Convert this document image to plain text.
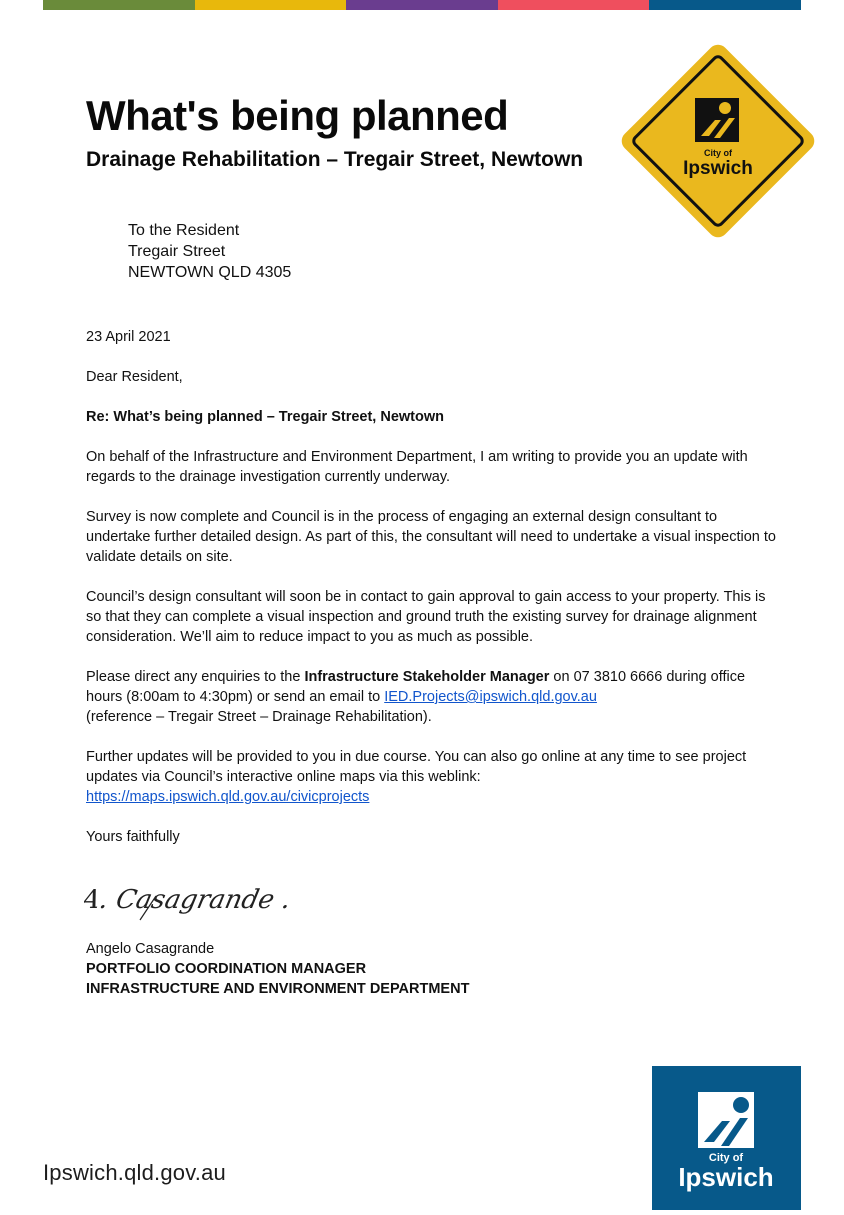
What's being planned
Drainage Rehabilitation – Tregair Street, Newtown	City of
Ipswich
To the Resident
Tregair Street
NEWTOWN QLD 4305

23 April 2021

Dear Resident,

Re: What’s being planned – Tregair Street, Newtown

On behalf of the Infrastructure and Environment Department, I am writing to provide you an update with regards to the drainage investigation currently underway.

Survey is now complete and Council is in the process of engaging an external design consultant to undertake further detailed design. As part of this, the consultant will need to undertake a visual inspection to validate details on site.

Council’s design consultant will soon be in contact to gain approval to gain access to your property. This is so that they can complete a visual inspection and ground truth the existing survey for drainage alignment consideration. We’ll aim to reduce impact to you as much as possible.

Please direct any enquiries to the Infrastructure Stakeholder Manager on 07 3810 6666 during office hours (8:00am to 4:30pm) or send an email to IED.Projects@ipswich.qld.gov.au
(reference – Tregair Street – Drainage Rehabilitation).

Further updates will be provided to you in due course. You can also go online at any time to see project updates via Council’s interactive online maps via this weblink:
https://maps.ipswich.qld.gov.au/civicprojects

Yours faithfully

A. Casagrande .

Angelo Casagrande

PORTFOLIO COORDINATION MANAGER

INFRASTRUCTURE AND ENVIRONMENT DEPARTMENT

Ipswich.qld.gov.au
City of
Ipswich
